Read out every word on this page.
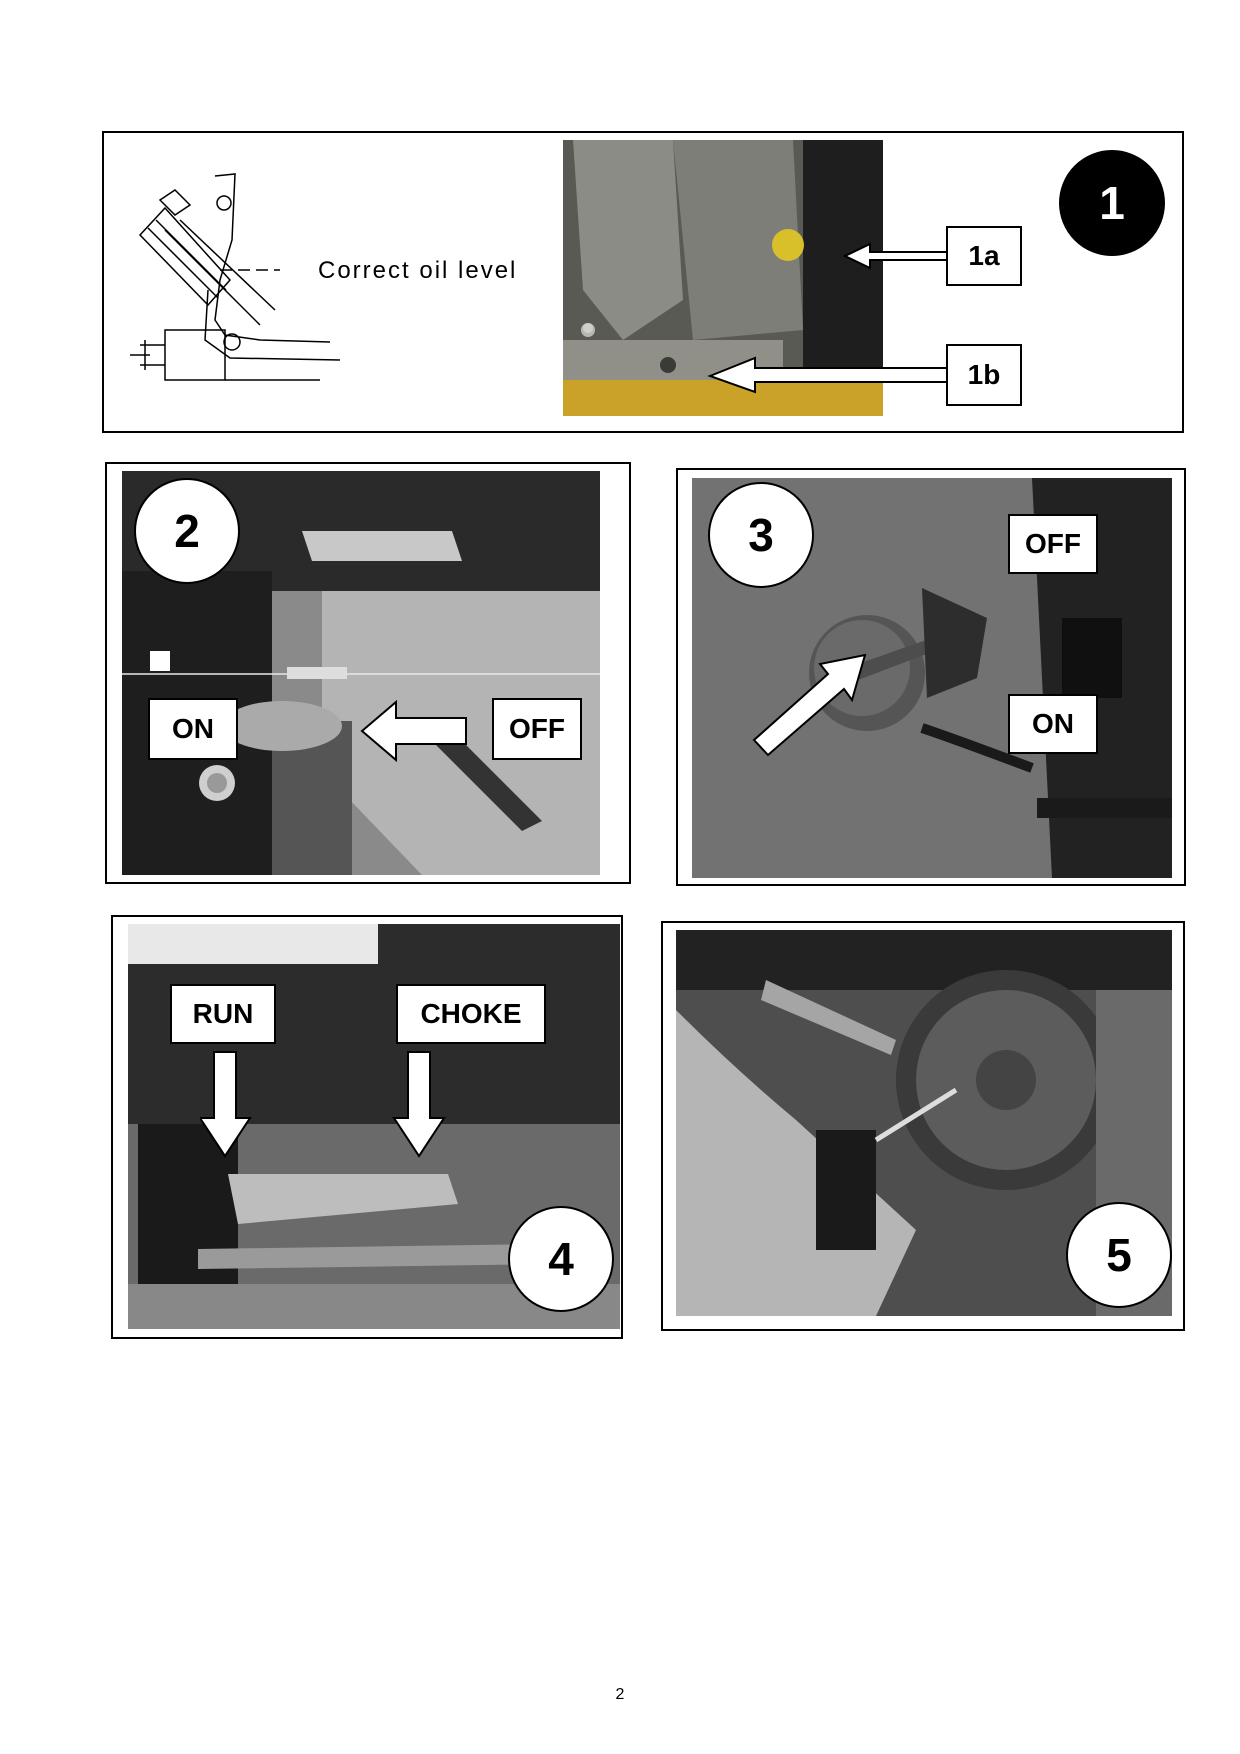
Correct oil level	1a
1b
1
ON	OFF
2	OFF
ON
3
RUN	CHOKE
4	5
2
